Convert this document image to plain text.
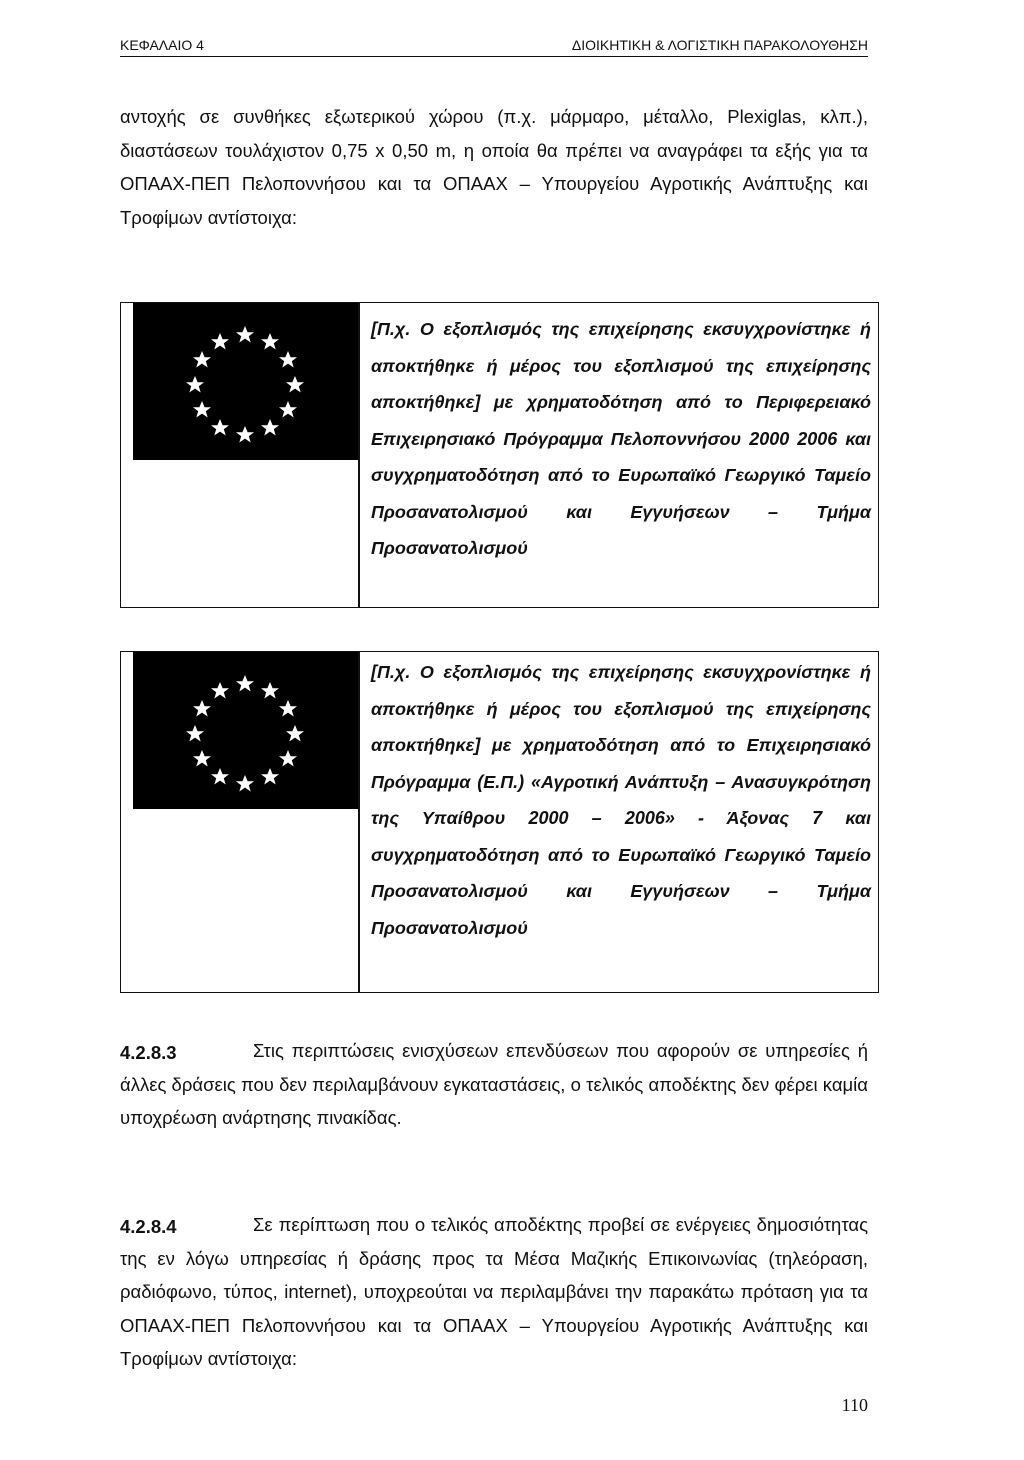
ΚΕΦΑΛΑΙΟ 4	ΔΙΟΙΚΗΤΙΚΗ & ΛΟΓΙΣΤΙΚΗ ΠΑΡΑΚΟΛΟΥΘΗΣΗ

αντοχής σε συνθήκες εξωτερικού χώρου (π.χ. μάρμαρο, μέταλλο, Plexiglas, κλπ.), διαστάσεων τουλάχιστον 0,75 x 0,50 m, η οποία θα πρέπει να αναγράφει τα εξής για τα ΟΠΑΑΧ-ΠΕΠ Πελοποννήσου και τα ΟΠΑΑΧ – Υπουργείου Αγροτικής Ανάπτυξης και Τροφίμων αντίστοιχα:

[Π.χ. Ο εξοπλισμός της επιχείρησης εκσυγχρονίστηκε ή αποκτήθηκε ή μέρος του εξοπλισμού της επιχείρησης αποκτήθηκε] με χρηματοδότηση από το Περιφερειακό Επιχειρησιακό Πρόγραμμα Πελοποννήσου 2000 2006 και συγχρηματοδότηση από το Ευρωπαϊκό Γεωργικό Ταμείο Προσανατολισμού και Εγγυήσεων – Τμήμα Προσανατολισμού
[Π.χ. Ο εξοπλισμός της επιχείρησης εκσυγχρονίστηκε ή αποκτήθηκε ή μέρος του εξοπλισμού της επιχείρησης αποκτήθηκε] με χρηματοδότηση από το Επιχειρησιακό Πρόγραμμα (Ε.Π.) «Αγροτική Ανάπτυξη – Ανασυγκρότηση της Υπαίθρου 2000 – 2006» - Άξονας 7 και συγχρηματοδότηση από το Ευρωπαϊκό Γεωργικό Ταμείο Προσανατολισμού και Εγγυήσεων – Τμήμα Προσανατολισμού
4.2.8.3	Στις περιπτώσεις ενισχύσεων επενδύσεων που αφορούν σε υπηρεσίες ή άλλες δράσεις που δεν περιλαμβάνουν εγκαταστάσεις, ο τελικός αποδέκτης δεν φέρει καμία υποχρέωση ανάρτησης πινακίδας.

4.2.8.4	Σε περίπτωση που ο τελικός αποδέκτης προβεί σε ενέργειες δημοσιότητας της εν λόγω υπηρεσίας ή δράσης προς τα Μέσα Μαζικής Επικοινωνίας (τηλεόραση, ραδιόφωνο, τύπος, internet), υποχρεούται να περιλαμβάνει την παρακάτω πρόταση για τα ΟΠΑΑΧ-ΠΕΠ Πελοποννήσου και τα ΟΠΑΑΧ – Υπουργείου Αγροτικής Ανάπτυξης και Τροφίμων αντίστοιχα:

110
